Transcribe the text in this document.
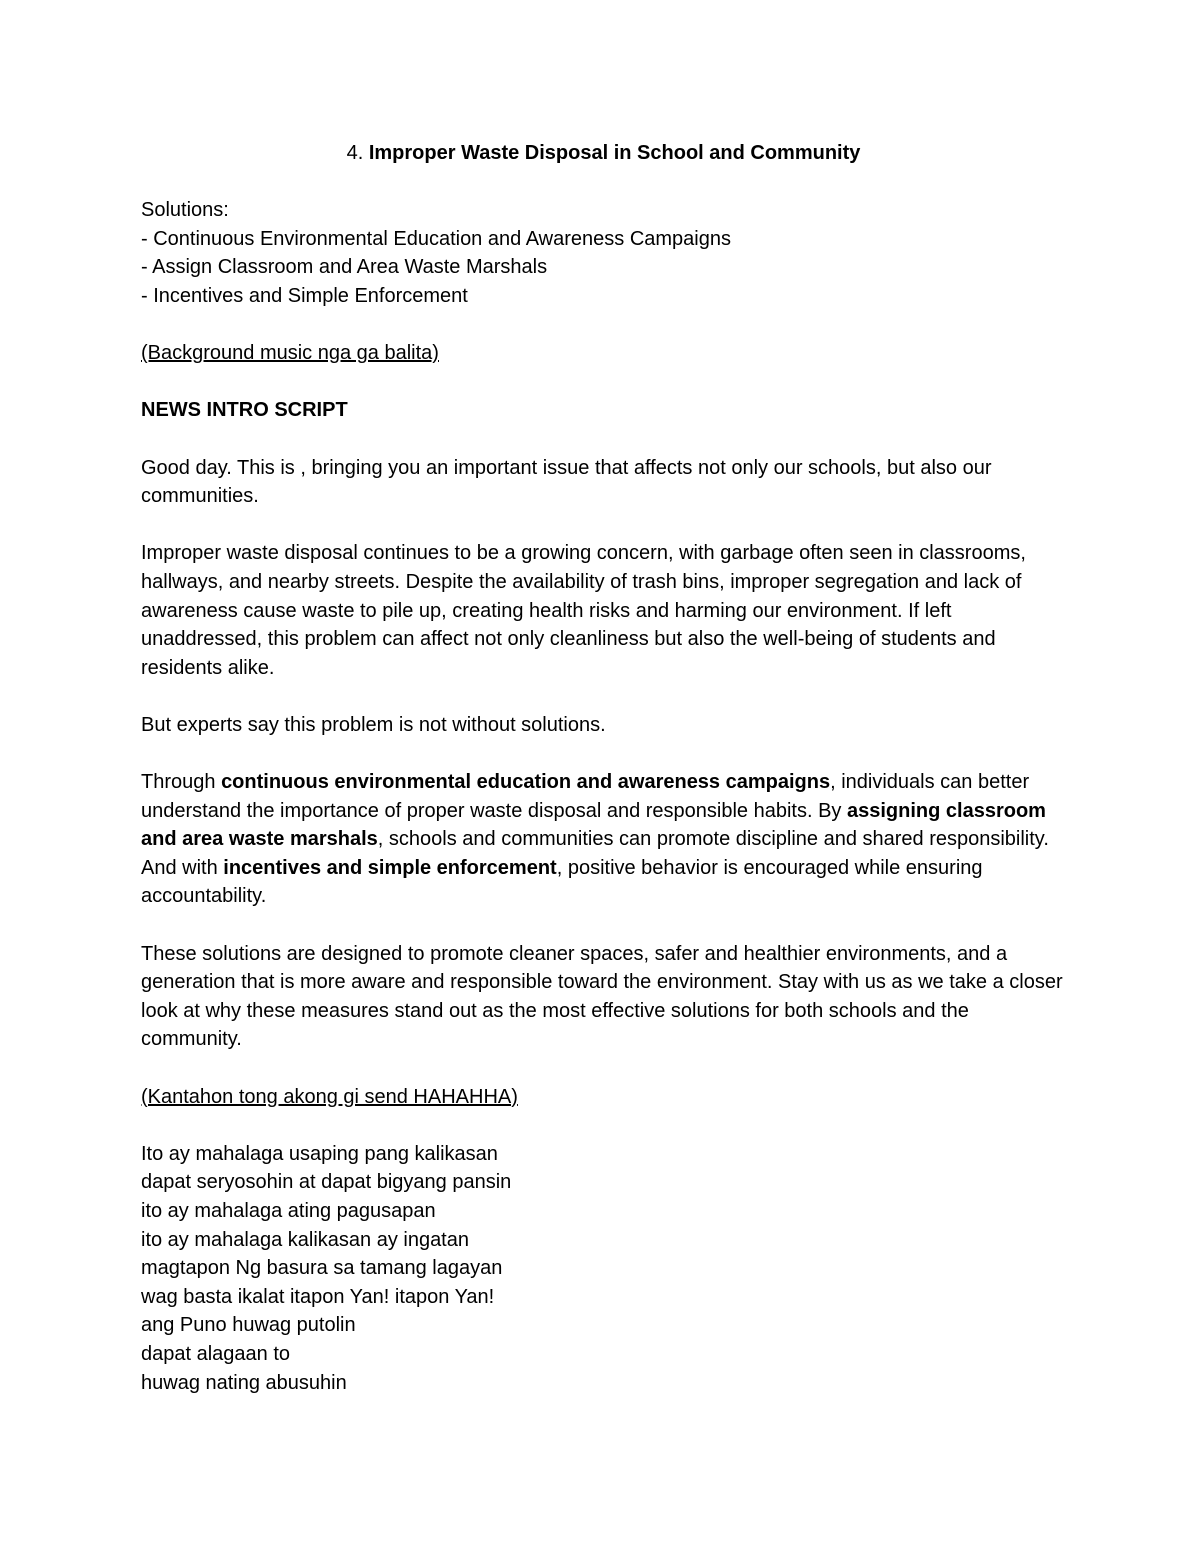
4. Improper Waste Disposal in School and Community

Solutions:

- Continuous Environmental Education and Awareness Campaigns

- Assign Classroom and Area Waste Marshals

- Incentives and Simple Enforcement

(Background music nga ga balita)

NEWS INTRO SCRIPT

Good day. This is , bringing you an important issue that affects not only our schools, but also our communities.

Improper waste disposal continues to be a growing concern, with garbage often seen in classrooms, hallways, and nearby streets. Despite the availability of trash bins, improper segregation and lack of awareness cause waste to pile up, creating health risks and harming our environment. If left unaddressed, this problem can affect not only cleanliness but also the well-being of students and residents alike.

But experts say this problem is not without solutions.

Through continuous environmental education and awareness campaigns, individuals can better understand the importance of proper waste disposal and responsible habits. By assigning classroom and area waste marshals, schools and communities can promote discipline and shared responsibility. And with incentives and simple enforcement, positive behavior is encouraged while ensuring accountability.

These solutions are designed to promote cleaner spaces, safer and healthier environments, and a generation that is more aware and responsible toward the environment. Stay with us as we take a closer look at why these measures stand out as the most effective solutions for both schools and the community.

(Kantahon tong akong gi send HAHAHHA)

Ito ay mahalaga usaping pang kalikasan
dapat seryosohin at dapat bigyang pansin
ito ay mahalaga ating pagusapan
ito ay mahalaga kalikasan ay ingatan
magtapon Ng basura sa tamang lagayan
wag basta ikalat itapon Yan! itapon Yan!
ang Puno huwag putolin
dapat alagaan to
huwag nating abusuhin
